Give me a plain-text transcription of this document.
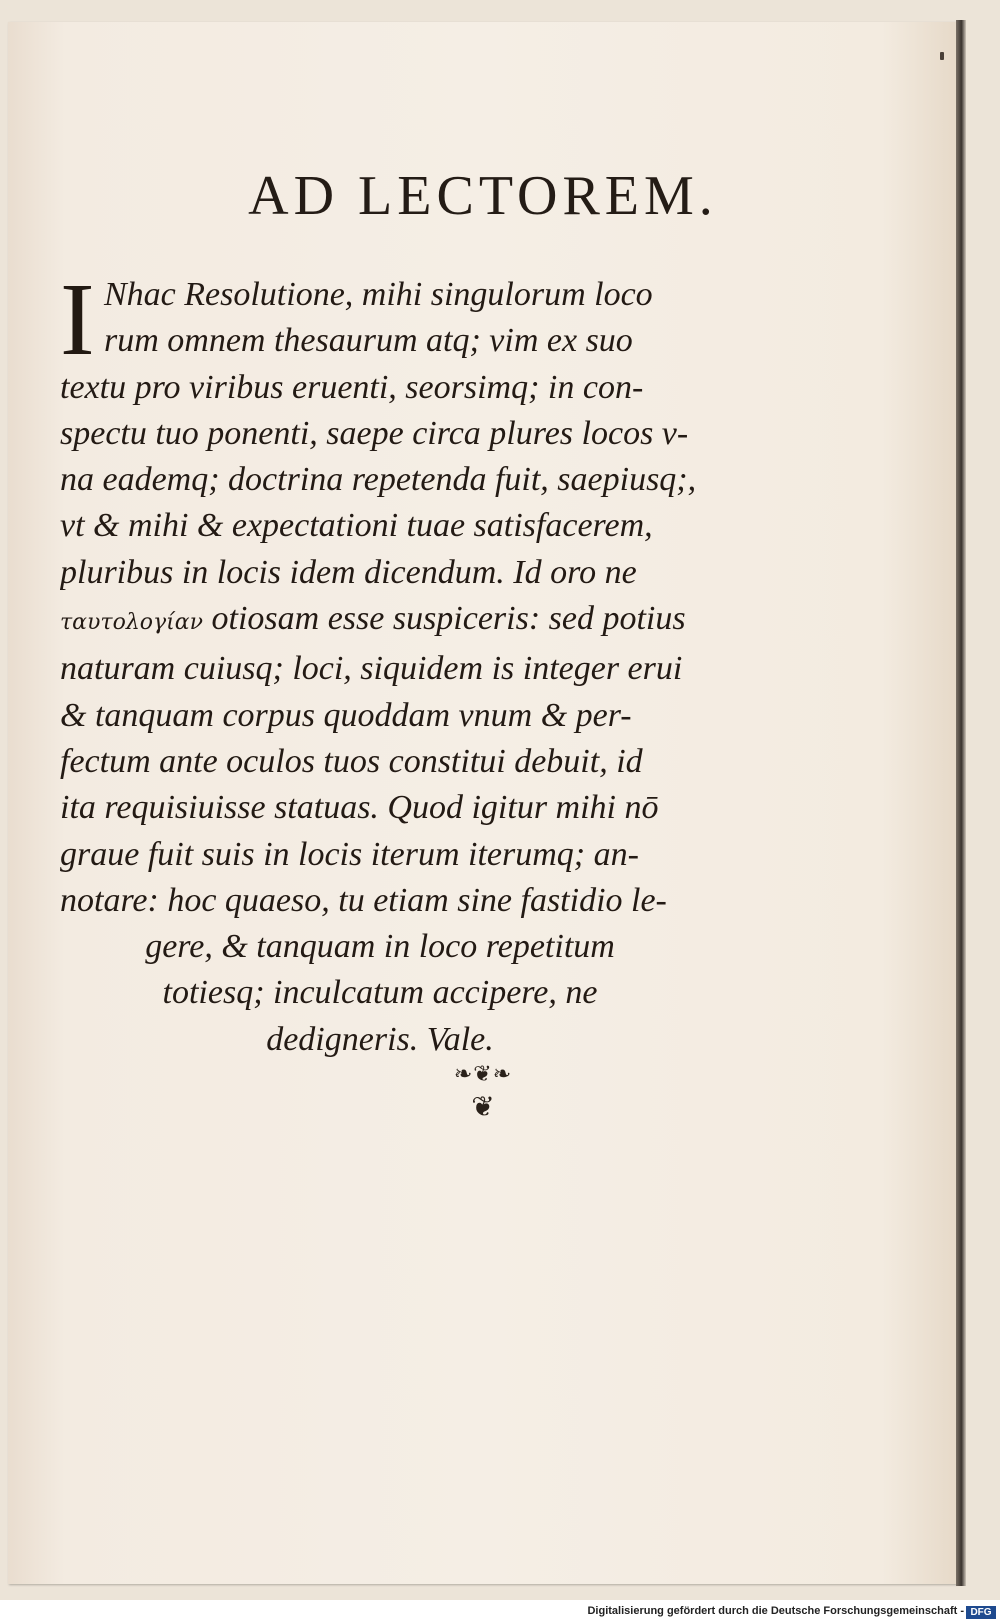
AD LECTOREM.
I Nhac Resolutione, mihi singulorum loco
rum omnem thesaurum atq; vim ex suo
textu pro viribus eruenti, seorsimq; in con-
spectu tuo ponenti, saepe circa plures locos v-
na eademq; doctrina repetenda fuit, saepiusq;,
vt & mihi & expectationi tuae satisfacerem,
pluribus in locis idem dicendum. Id oro ne
ταυτολογίαν otiosam esse suspiceris: sed potius
naturam cuiusq; loci, siquidem is integer erui
& tanquam corpus quoddam vnum & per-
fectum ante oculos tuos constitui debuit, id
ita requisiuisse statuas. Quod igitur mihi nō
graue fuit suis in locis iterum iterumq; an-
notare: hoc quaeso, tu etiam sine fastidio le-
gere, & tanquam in loco repetitum
totiesq; inculcatum accipere, ne
dedigneris. Vale.
❧❦❧
❦
Digitalisierung gefördert durch die Deutsche Forschungsgemeinschaft - DFG
